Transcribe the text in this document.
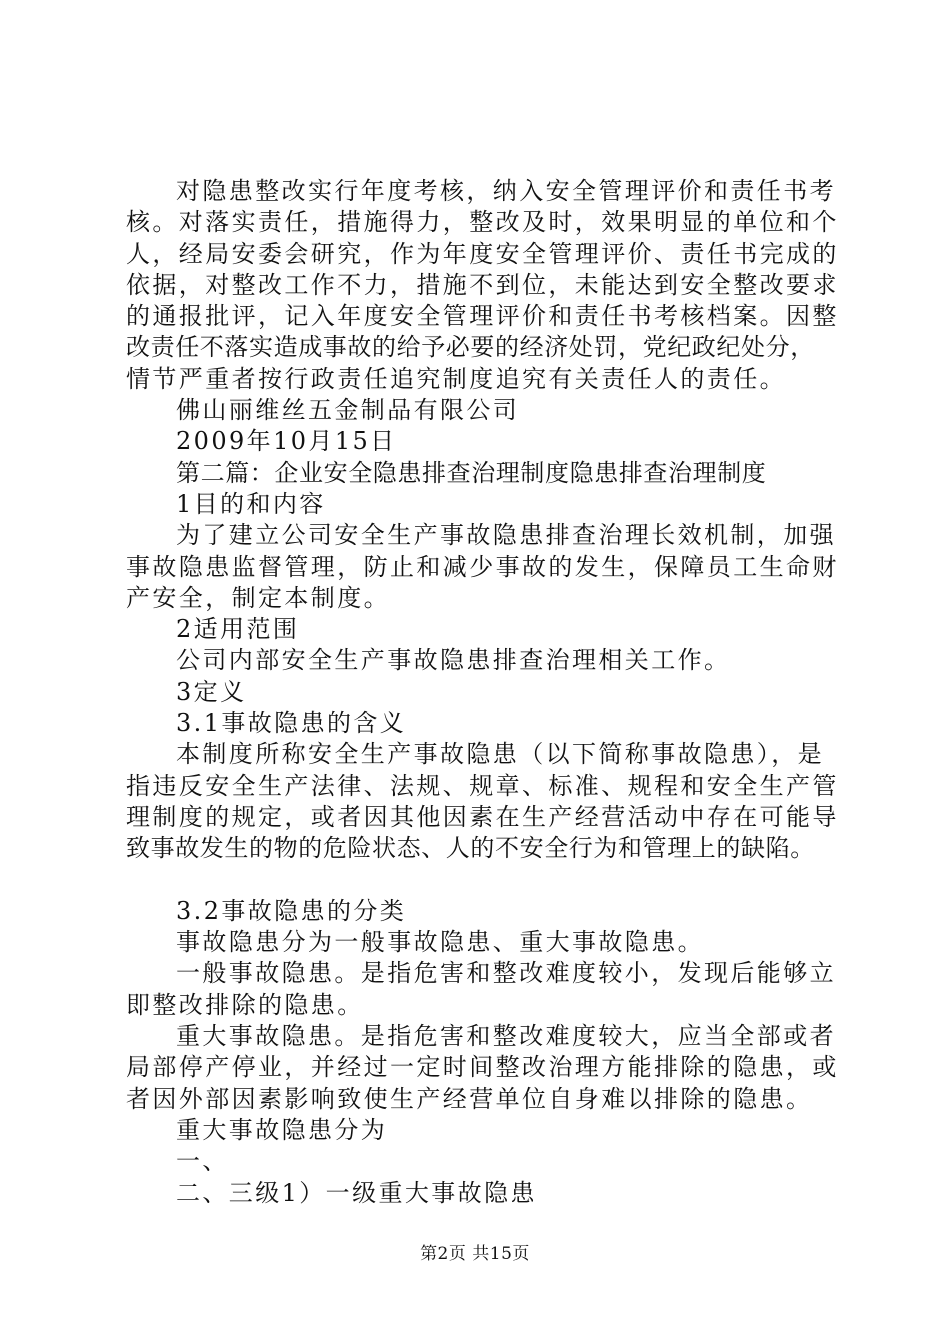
对隐患整改实行年度考核，纳入安全管理评价和责任书考
核。对落实责任，措施得力，整改及时，效果明显的单位和个
人，经局安委会研究，作为年度安全管理评价、责任书完成的
依据，对整改工作不力，措施不到位，未能达到安全整改要求
的通报批评，记入年度安全管理评价和责任书考核档案。因整
改责任不落实造成事故的给予必要的经济处罚，党纪政纪处分，
情节严重者按行政责任追究制度追究有关责任人的责任。
佛山丽维丝五金制品有限公司
2009年10月15日
第二篇：企业安全隐患排查治理制度隐患排查治理制度
1目的和内容
为了建立公司安全生产事故隐患排查治理长效机制，加强
事故隐患监督管理，防止和减少事故的发生，保障员工生命财
产安全，制定本制度。
2适用范围
公司内部安全生产事故隐患排查治理相关工作。
3定义
3.1事故隐患的含义
本制度所称安全生产事故隐患（以下简称事故隐患），是
指违反安全生产法律、法规、规章、标准、规程和安全生产管
理制度的规定，或者因其他因素在生产经营活动中存在可能导
致事故发生的物的危险状态、人的不安全行为和管理上的缺陷。
3.2事故隐患的分类
事故隐患分为一般事故隐患、重大事故隐患。
一般事故隐患。是指危害和整改难度较小，发现后能够立
即整改排除的隐患。
重大事故隐患。是指危害和整改难度较大，应当全部或者
局部停产停业，并经过一定时间整改治理方能排除的隐患，或
者因外部因素影响致使生产经营单位自身难以排除的隐患。
重大事故隐患分为
一、
二、三级1）一级重大事故隐患
第2页 共15页
